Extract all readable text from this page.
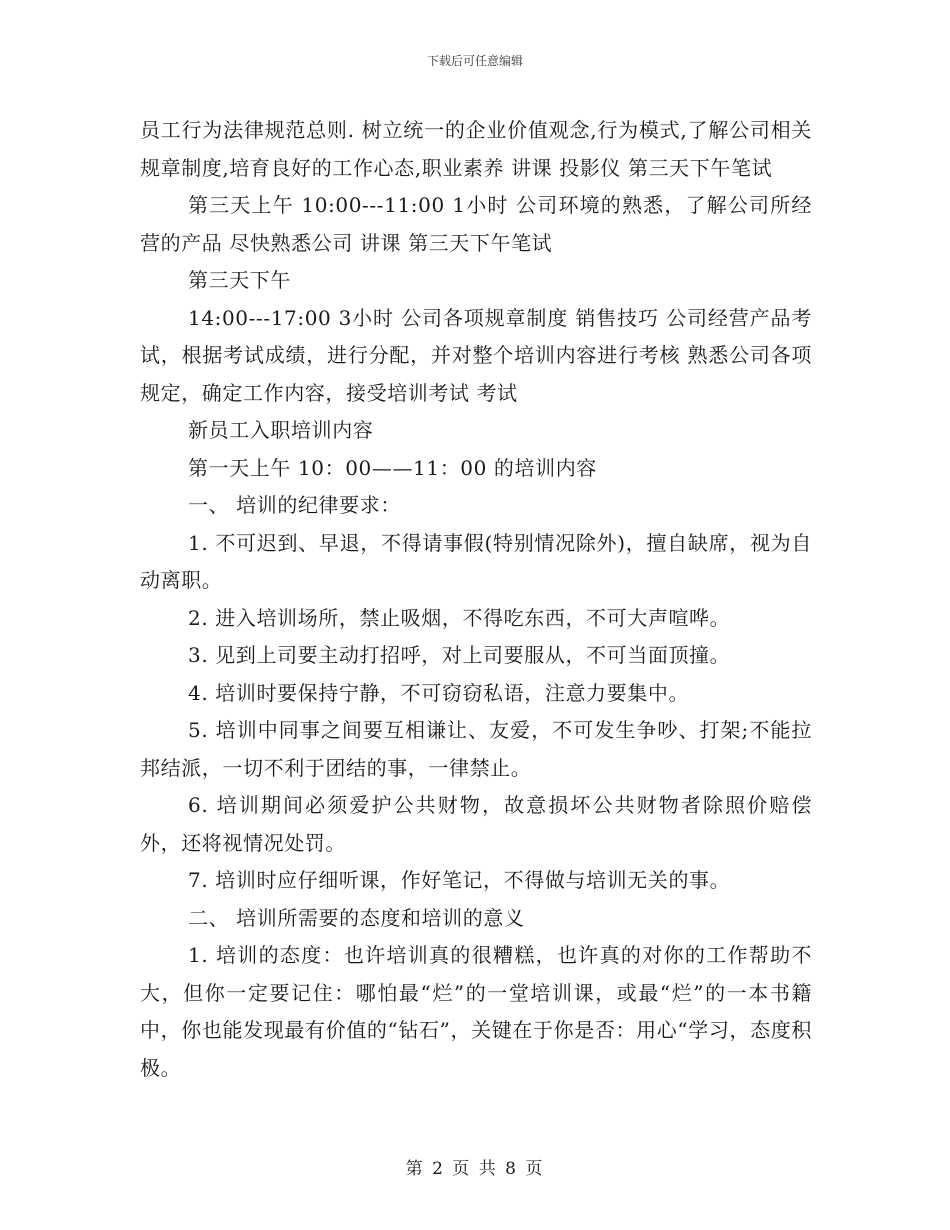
下载后可任意编辑

员工行为法律规范总则. 树立统一的企业价值观念,行为模式,了解公司相关规章制度,培育良好的工作心态,职业素养 讲课 投影仪 第三天下午笔试

第三天上午 10:00---11:00 1小时 公司环境的熟悉，了解公司所经营的产品 尽快熟悉公司 讲课 第三天下午笔试

第三天下午

14:00---17:00 3小时 公司各项规章制度 销售技巧 公司经营产品考试，根据考试成绩，进行分配，并对整个培训内容进行考核 熟悉公司各项规定，确定工作内容，接受培训考试 考试

新员工入职培训内容

第一天上午 10：00——11：00 的培训内容

一、 培训的纪律要求：

1. 不可迟到、早退，不得请事假(特别情况除外)，擅自缺席，视为自动离职。

2. 进入培训场所，禁止吸烟，不得吃东西，不可大声喧哗。

3. 见到上司要主动打招呼，对上司要服从，不可当面顶撞。

4. 培训时要保持宁静，不可窃窃私语，注意力要集中。

5. 培训中同事之间要互相谦让、友爱，不可发生争吵、打架;不能拉邦结派，一切不利于团结的事，一律禁止。

6. 培训期间必须爱护公共财物，故意损坏公共财物者除照价赔偿外，还将视情况处罚。

7. 培训时应仔细听课，作好笔记，不得做与培训无关的事。

二、 培训所需要的态度和培训的意义

1. 培训的态度：也许培训真的很糟糕，也许真的对你的工作帮助不大，但你一定要记住：哪怕最“烂”的一堂培训课，或最“烂”的一本书籍中，你也能发现最有价值的“钻石”，关键在于你是否：用心“学习，态度积极。

第 2 页 共 8 页
